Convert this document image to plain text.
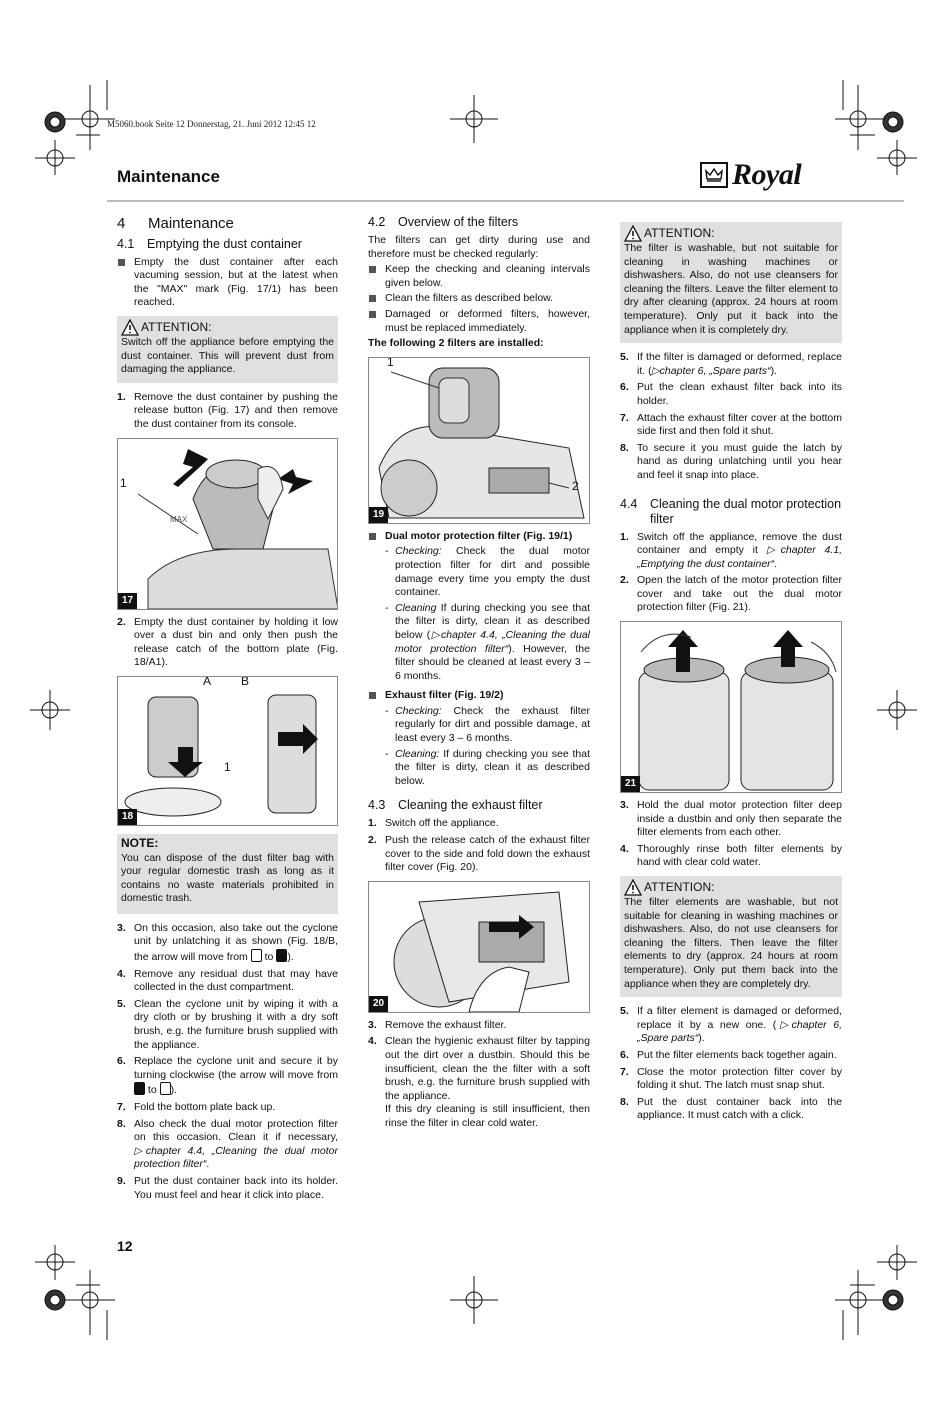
M5060.book Seite 12 Donnerstag, 21. Juni 2012 12:45 12
Maintenance	Royal
4 Maintenance
4.1 Emptying the dust container

Empty the dust container after each vacuming session, but at the latest when the "MAX" mark (Fig. 17/1) has been reached.

ATTENTION:

Switch off the appliance before emptying the dust container. This will prevent dust from damaging the appliance.

1. Remove the dust container by pushing the release button (Fig. 17) and then remove the dust container from its console.
1
MAX
17
2. Empty the dust container by holding it low over a dust bin and only then push the release catch of the bottom plate (Fig. 18/A1).
A B
1
18
NOTE:

You can dispose of the dust filter bag with your regular domestic trash as long as it contains no waste materials prohibited in domestic trash.

3. On this occasion, also take out the cyclone unit by unlatching it as shown (Fig. 18/B, the arrow will move from to ).
4. Remove any residual dust that may have collected in the dust compartment.
5. Clean the cyclone unit by wiping it with a dry cloth or by brushing it with a dry soft brush, e.g. the furniture brush supplied with the appliance.
6. Replace the cyclone unit and secure it by turning clockwise (the arrow will move from  to ).
7. Fold the bottom plate back up.
8. Also check the dual motor protection filter on this occasion. Clean it if necessary, ▷chapter 4.4, „Cleaning the dual motor protection filter“.
9. Put the dust container back into its holder. You must feel and hear it click into place.
4.2 Overview of the filters

The filters can get dirty during use and therefore must be checked regularly:

Keep the checking and cleaning intervals given below.

Clean the filters as described below.

Damaged or deformed filters, however, must be replaced immediately.

The following 2 filters are installed:

1
2
19

Dual motor protection filter (Fig. 19/1)

- Checking: Check the dual motor protection filter for dirt and possible damage every time you empty the dust container.

- Cleaning If during checking you see that the filter is dirty, clean it as described below (▷chapter 4.4, „Cleaning the dual motor protection filter“). However, the filter should be cleaned at least every 3 – 6 months.

Exhaust filter (Fig. 19/2)

- Checking: Check the exhaust filter regularly for dirt and possible damage, at least every 3 – 6 months.

- Cleaning: If during checking you see that the filter is dirty, clean it as described below.

4.3 Cleaning the exhaust filter
1. Switch off the appliance.
2. Push the release catch of the exhaust filter cover to the side and fold down the exhaust filter cover (Fig. 20).
20
3. Remove the exhaust filter.
4. Clean the hygienic exhaust filter by tapping out the dirt over a dustbin. Should this be insufficient, clean the the filter with a soft brush, e.g. the furniture brush supplied with the appliance.
If this dry cleaning is still insufficient, then rinse the filter in clear cold water.
ATTENTION:

The filter is washable, but not suitable for cleaning in washing machines or dishwashers. Also, do not use cleansers for cleaning the filters. Leave the filter element to dry after cleaning (approx. 24 hours at room temperature). Only put it back into the appliance when it is completely dry.

5. If the filter is damaged or deformed, replace it. (▷chapter 6, „Spare parts“).
6. Put the clean exhaust filter back into its holder.
7. Attach the exhaust filter cover at the bottom side first and then fold it shut.
8. To secure it you must guide the latch by hand as during unlatching until you hear and feel it snap into place.
4.4	Cleaning the dual motor protection filter
1. Switch off the appliance, remove the dust container and empty it ▷chapter 4.1, „Emptying the dust container“.
2. Open the latch of the motor protection filter cover and take out the dual motor protection filter (Fig. 21).
21
3. Hold the dual motor protection filter deep inside a dustbin and only then separate the filter elements from each other.
4. Thoroughly rinse both filter elements by hand with clear cold water.
ATTENTION:

The filter elements are washable, but not suitable for cleaning in washing machines or dishwashers. Also, do not use cleansers for cleaning the filters. Then leave the filter elements to dry (approx. 24 hours at room temperature). Only put them back into the appliance when they are completely dry.

5. If a filter element is damaged or deformed, replace it by a new one. (▷chapter 6, „Spare parts“).
6. Put the filter elements back together again.
7. Close the motor protection filter cover by folding it shut. The latch must snap shut.
8. Put the dust container back into the appliance. It must catch with a click.
12
